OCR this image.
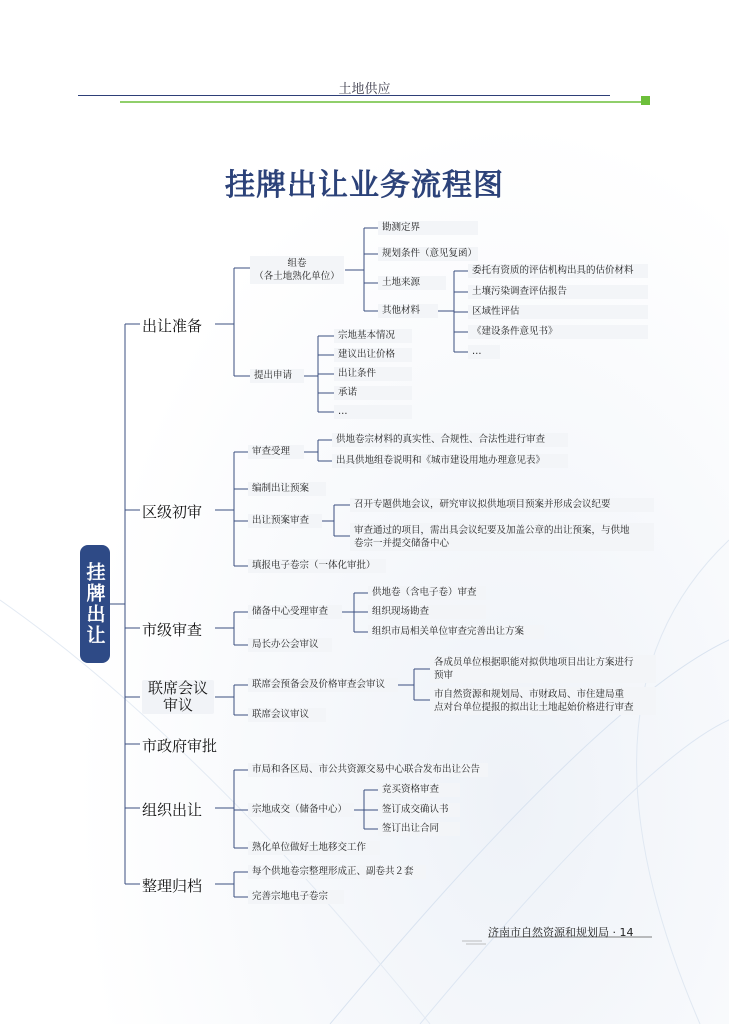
土地供应
挂牌出让业务流程图
挂牌出让
出让准备
区级初审
市级审查
联席会议
审议
市政府审批
组织出让
整理归档
组卷
（各土地熟化单位）
勘测定界
规划条件（意见复函）
土地来源
其他材料
委托有资质的评估机构出具的估价材料
土壤污染调查评估报告
区域性评估
《建设条件意见书》
…
提出申请
宗地基本情况
建议出让价格
出让条件
承诺
…
审查受理
供地卷宗材料的真实性、合规性、合法性进行审查
出具供地组卷说明和《城市建设用地办理意见表》
编制出让预案
出让预案审查
召开专题供地会议，研究审议拟供地项目预案并形成会议纪要
审查通过的项目，需出具会议纪要及加盖公章的出让预案，与供地
卷宗一并提交储备中心
填报电子卷宗（一体化审批）
储备中心受理审查
供地卷（含电子卷）审查
组织现场勘查
组织市局相关单位审查完善出让方案
局长办公会审议
联席会预备会及价格审查会审议
各成员单位根据职能对拟供地项目出让方案进行
预审
市自然资源和规划局、市财政局、市住建局重
点对台单位提报的拟出让土地起始价格进行审查
联席会议审议
市局和各区局、市公共资源交易中心联合发布出让公告
宗地成交（储备中心）
竞买资格审查
签订成交确认书
签订出让合同
熟化单位做好土地移交工作
每个供地卷宗整理形成正、副卷共２套
完善宗地电子卷宗
济南市自然资源和规划局 · 14
